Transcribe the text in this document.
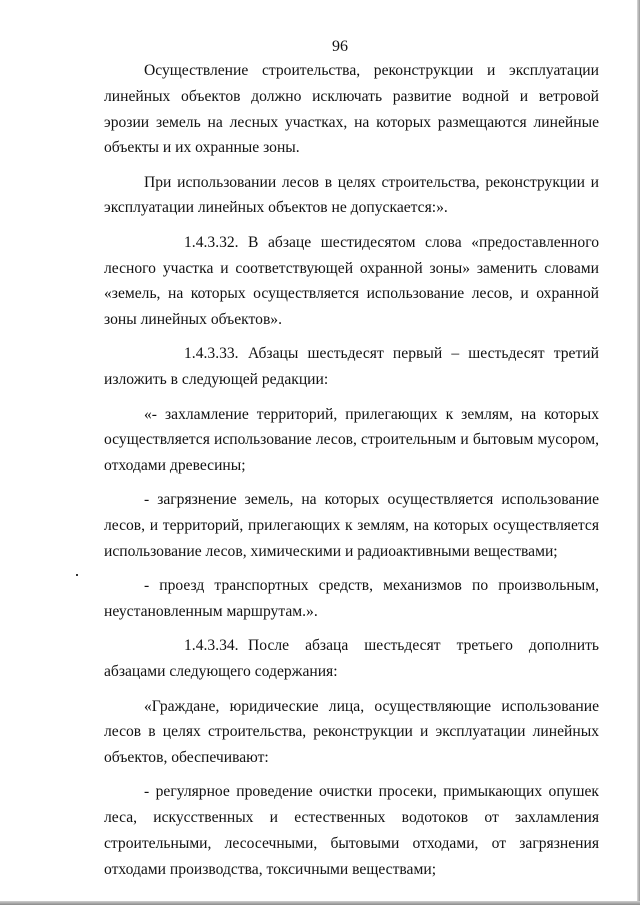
96

Осуществление строительства, реконструкции и эксплуатации линейных объектов должно исключать развитие водной и ветровой эрозии земель на лесных участках, на которых размещаются линейные объекты и их охранные зоны.

При использовании лесов в целях строительства, реконструкции и эксплуатации линейных объектов не допускается:».

1.4.3.32. В абзаце шестидесятом слова «предоставленного лесного участка и соответствующей охранной зоны» заменить словами «земель, на которых осуществляется использование лесов, и охранной зоны линейных объектов».

1.4.3.33. Абзацы шестьдесят первый – шестьдесят третий изложить в следующей редакции:

«- захламление территорий, прилегающих к землям, на которых осуществляется использование лесов, строительным и бытовым мусором, отходами древесины;

- загрязнение земель, на которых осуществляется использование лесов, и территорий, прилегающих к землям, на которых осуществляется использование лесов, химическими и радиоактивными веществами;

- проезд транспортных средств, механизмов по произвольным, неустановленным маршрутам.».

1.4.3.34. После абзаца шестьдесят третьего дополнить абзацами следующего содержания:

«Граждане, юридические лица, осуществляющие использование лесов в целях строительства, реконструкции и эксплуатации линейных объектов, обеспечивают:

- регулярное проведение очистки просеки, примыкающих опушек леса, искусственных и естественных водотоков от захламления строительными, лесосечными, бытовыми отходами, от загрязнения отходами производства, токсичными веществами;
